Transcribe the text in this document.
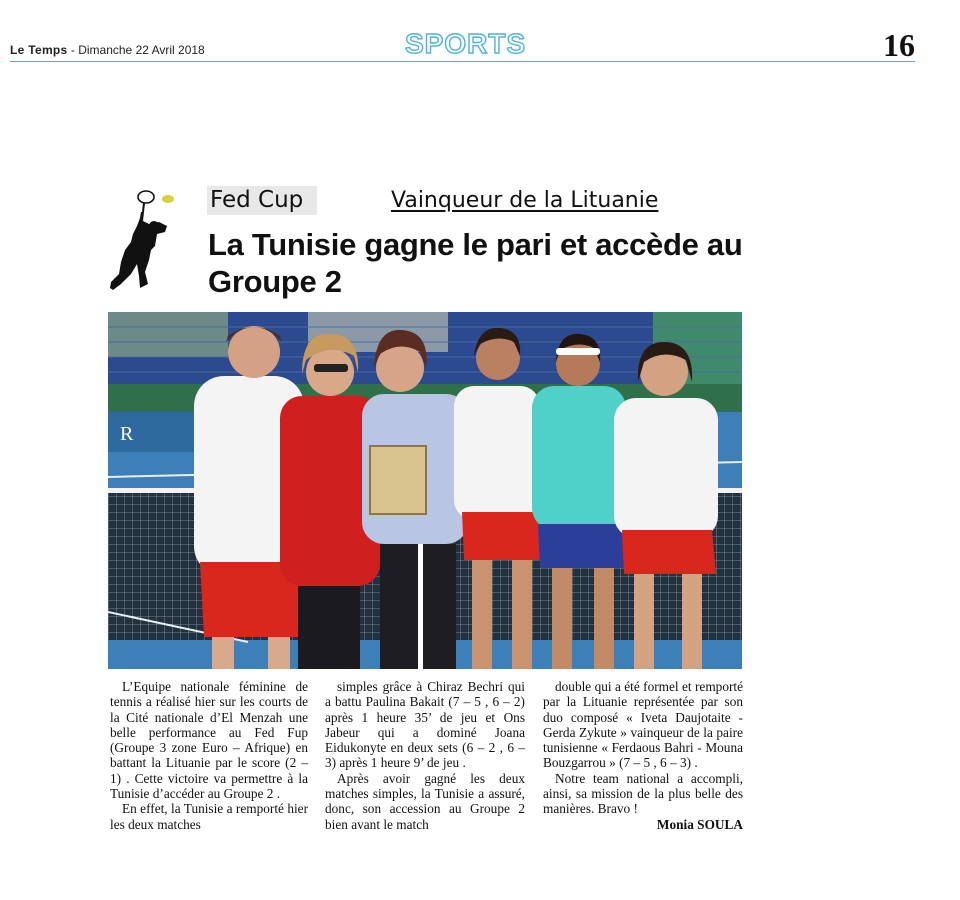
Le Temps - Dimanche 22 Avril 2018	SPORTS	16
Fed Cup	Vainqueur de la Lituanie
La Tunisie gagne le pari et accède au Groupe 2
R

L’Equipe nationale féminine de tennis a réalisé hier sur les courts de la Cité nationale d’El Menzah une belle performance au Fed Fup (Groupe 3 zone Euro – Afrique) en battant la Lituanie par le score (2 – 1) . Cette victoire va permettre à la Tunisie d’accéder au Groupe 2 .

En effet, la Tunisie a remporté hier les deux matches

simples grâce à Chiraz Bechri qui a battu Paulina Bakait (7 – 5 , 6 – 2) après 1 heure 35’ de jeu et Ons Jabeur qui a dominé Joana Eidukonyte en deux sets (6 – 2 , 6 – 3) après 1 heure 9’ de jeu .

Après avoir gagné les deux matches simples, la Tunisie a assuré, donc, son accession au Groupe 2 bien avant le match

double qui a été formel et remporté par la Lituanie représentée par son duo composé « Iveta Daujotaite - Gerda Zykute » vainqueur de la paire tunisienne « Ferdaous Bahri - Mouna Bouzgarrou » (7 – 5 , 6 – 3) .

Notre team national a accompli, ainsi, sa mission de la plus belle des manières. Bravo !

Monia SOULA
